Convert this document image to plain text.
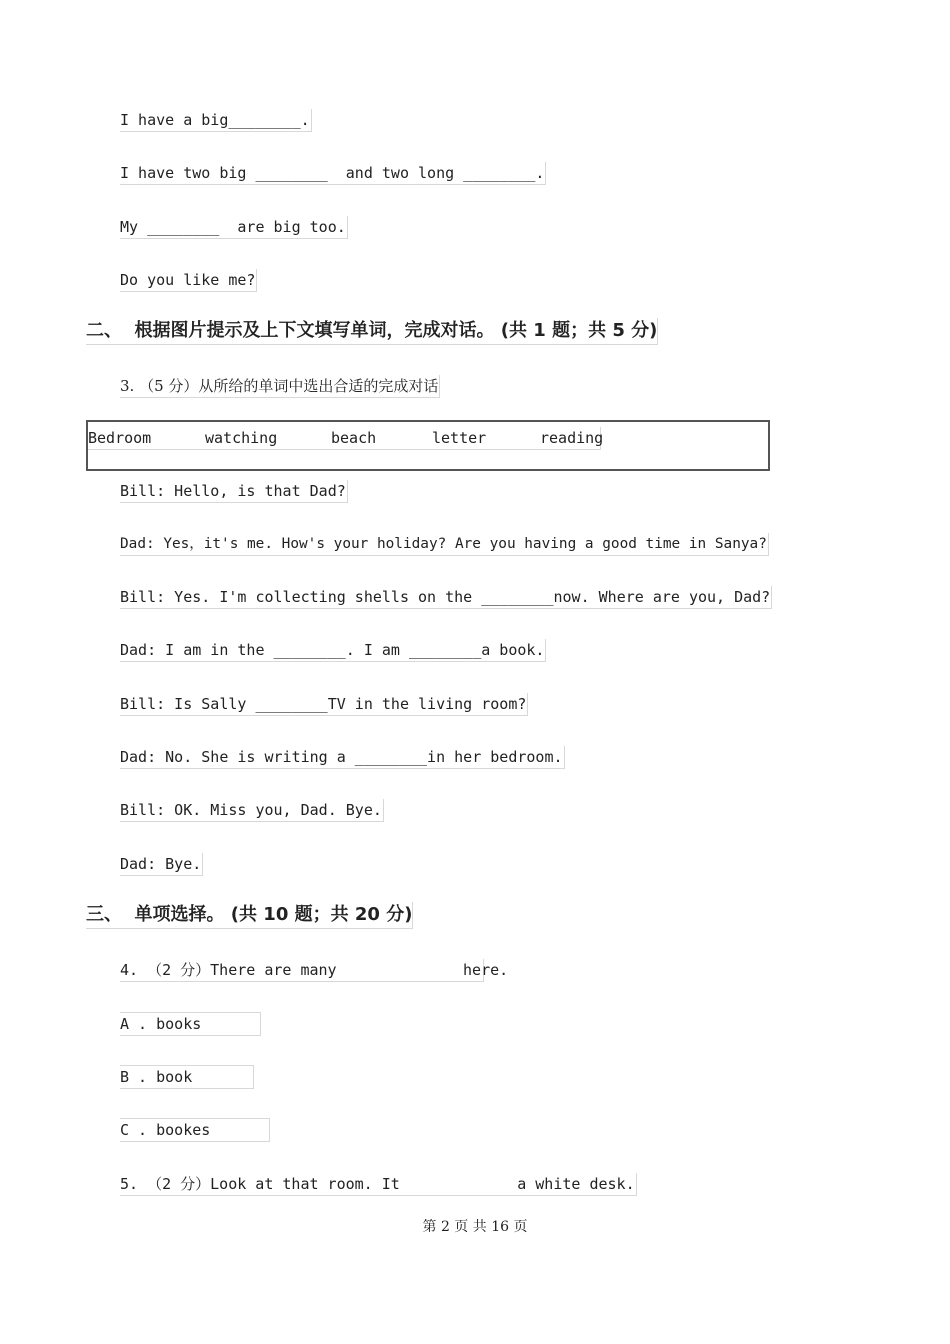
I have a big________.
I have two big ________  and two long ________.
My ________  are big too.
Do you like me?
二、  根据图片提示及上下文填写单词，完成对话。 (共 1 题；共 5 分)
3. （5 分）从所给的单词中选出合适的完成对话
Bedroom	watching	beach	letter	reading
Bill: Hello, is that Dad?
Dad: Yes，it's me. How's your holiday? Are you having a good time in Sanya?
Bill: Yes. I'm collecting shells on the ________now. Where are you, Dad?
Dad: I am in the ________. I am ________a book.
Bill: Is Sally ________TV in the living room?
Dad: No. She is writing a ________in her bedroom.
Bill: OK. Miss you, Dad. Bye.
Dad: Bye.
三、  单项选择。 (共 10 题；共 20 分)
4. （2 分）There are many              here.
A . books
B . book
C . bookes
5. （2 分）Look at that room. It             a white desk.
第 2 页 共 16 页
